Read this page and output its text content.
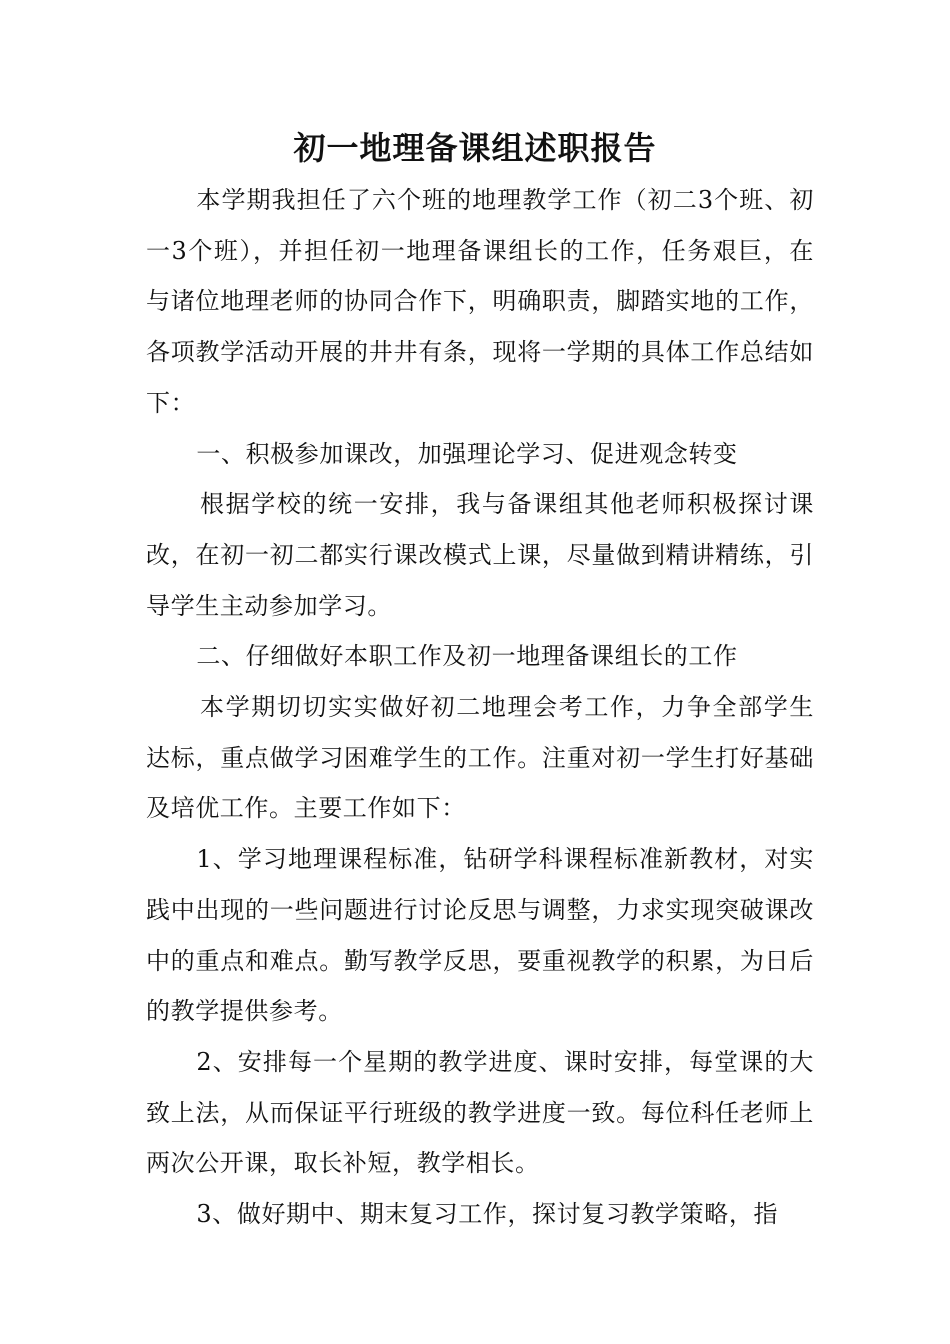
初一地理备课组述职报告

本学期我担任了六个班的地理教学工作（初二3个班、初一3个班），并担任初一地理备课组长的工作，任务艰巨，在与诸位地理老师的协同合作下，明确职责，脚踏实地的工作，各项教学活动开展的井井有条，现将一学期的具体工作总结如下：

一、积极参加课改，加强理论学习、促进观念转变

根据学校的统一安排，我与备课组其他老师积极探讨课改，在初一初二都实行课改模式上课，尽量做到精讲精练，引导学生主动参加学习。

二、仔细做好本职工作及初一地理备课组长的工作

本学期切切实实做好初二地理会考工作，力争全部学生达标，重点做学习困难学生的工作。注重对初一学生打好基础及培优工作。主要工作如下：

1、学习地理课程标准，钻研学科课程标准新教材，对实践中出现的一些问题进行讨论反思与调整，力求实现突破课改中的重点和难点。勤写教学反思，要重视教学的积累，为日后的教学提供参考。

2、安排每一个星期的教学进度、课时安排，每堂课的大致上法，从而保证平行班级的教学进度一致。每位科任老师上两次公开课，取长补短，教学相长。

3、做好期中、期末复习工作，探讨复习教学策略，指
